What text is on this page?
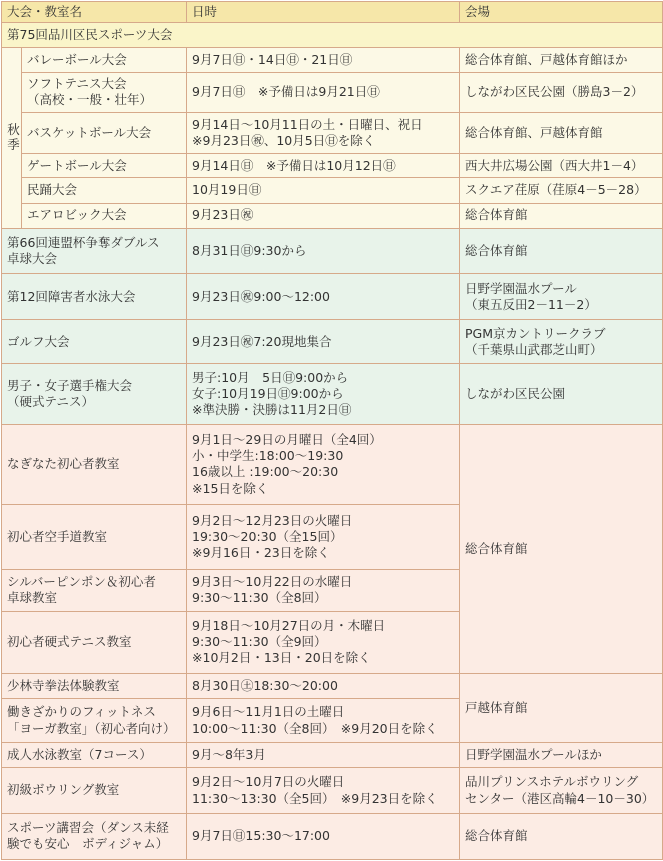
大会・教室名		日時	会場
第75回品川区民スポーツ大会			
秋季	バレーボール大会	9月7日㊐・14日㊐・21日㊐	総合体育館、戸越体育館ほか

	ソフトテニス大会
（高校・一般・壮年）	9月7日㊐　※予備日は9月21日㊐	しながわ区民公園（勝島3－2）

	バスケットボール大会	9月14日～10月11日の土・日曜日、祝日
※9月23日㊗、10月5日㊐を除く	総合体育館、戸越体育館

	ゲートボール大会	9月14日㊐　※予備日は10月12日㊐	西大井広場公園（西大井1－4）

	民踊大会	10月19日㊐	スクエア荏原（荏原4－5－28）

	エアロビック大会	9月23日㊗	総合体育館

第66回連盟杯争奪ダブルス
卓球大会		8月31日㊐9:30から	総合体育館

第12回障害者水泳大会		9月23日㊗9:00～12:00	日野学園温水プール
（東五反田2－11－2）

ゴルフ大会		9月23日㊗7:20現地集合	PGM京カントリークラブ
（千葉県山武郡芝山町）

男子・女子選手権大会
（硬式テニス）		男子:10月　5日㊐9:00から
女子:10月19日㊐9:00から
※準決勝・決勝は11月2日㊐	しながわ区民公園

なぎなた初心者教室		9月1日～29日の月曜日（全4回）
小・中学生:18:00～19:30
16歳以上 :19:00～20:30
※15日を除く	総合体育館

初心者空手道教室		9月2日～12月23日の火曜日
19:30～20:30（全15回）
※9月16日・23日を除く	

シルバーピンポン＆初心者
卓球教室		9月3日～10月22日の水曜日
9:30～11:30（全8回）	

初心者硬式テニス教室		9月18日～10月27日の月・木曜日
9:30～11:30（全9回）
※10月2日・13日・20日を除く	

少林寺拳法体験教室		8月30日㊏18:30～20:00	戸越体育館

働きざかりのフィットネス
「ヨーガ教室」（初心者向け）		9月6日～11月1日の土曜日
10:00～11:30（全8回）　※9月20日を除く	

成人水泳教室（7コース）		9月～8年3月	日野学園温水プールほか

初級ボウリング教室		9月2日～10月7日の火曜日
11:30～13:30（全5回）　※9月23日を除く	品川プリンスホテルボウリング
センター（港区高輪4－10－30）

スポーツ講習会（ダンス未経
験でも安心　ボディジャム）		9月7日㊐15:30～17:00	総合体育館
